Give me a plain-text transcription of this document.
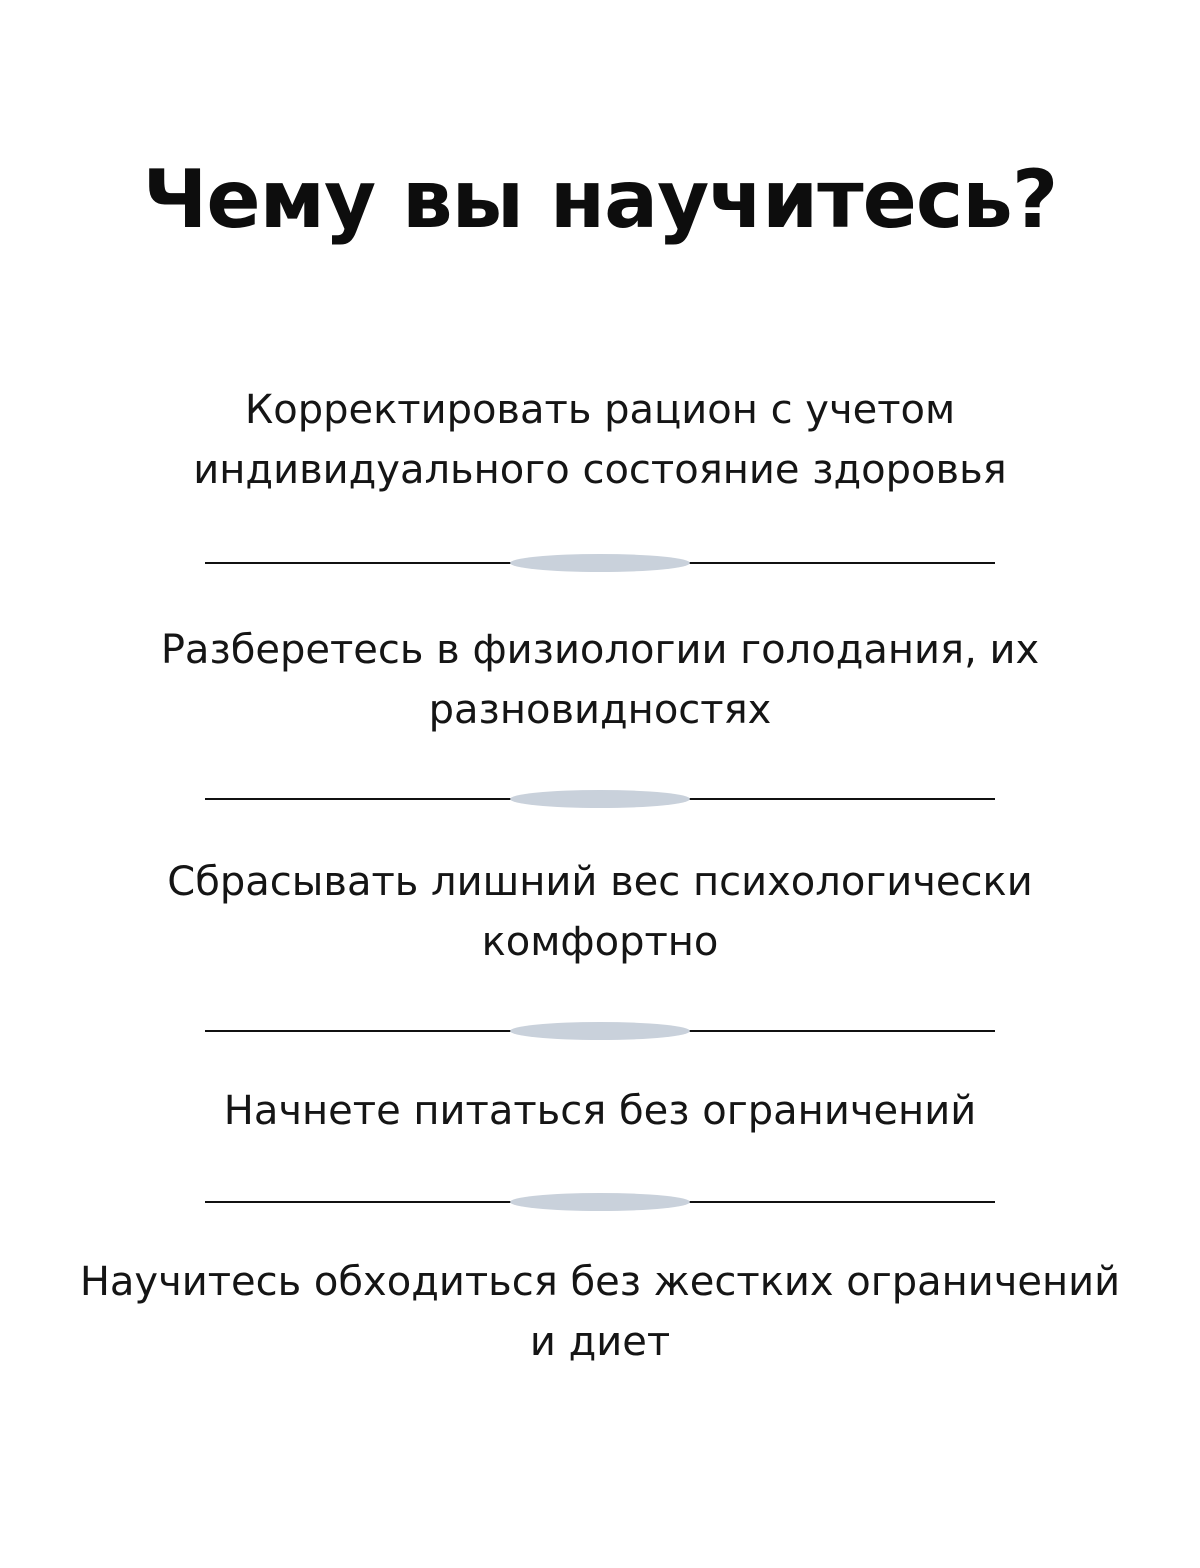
Чему вы научитесь?

Корректировать рацион с учетом
индивидуального состояние здоровья

Разберетесь в физиологии голодания, их
разновидностях

Сбрасывать лишний вес психологически
комфортно

Начнете питаться без ограничений

Научитесь обходиться без жестких ограничений
и диет
